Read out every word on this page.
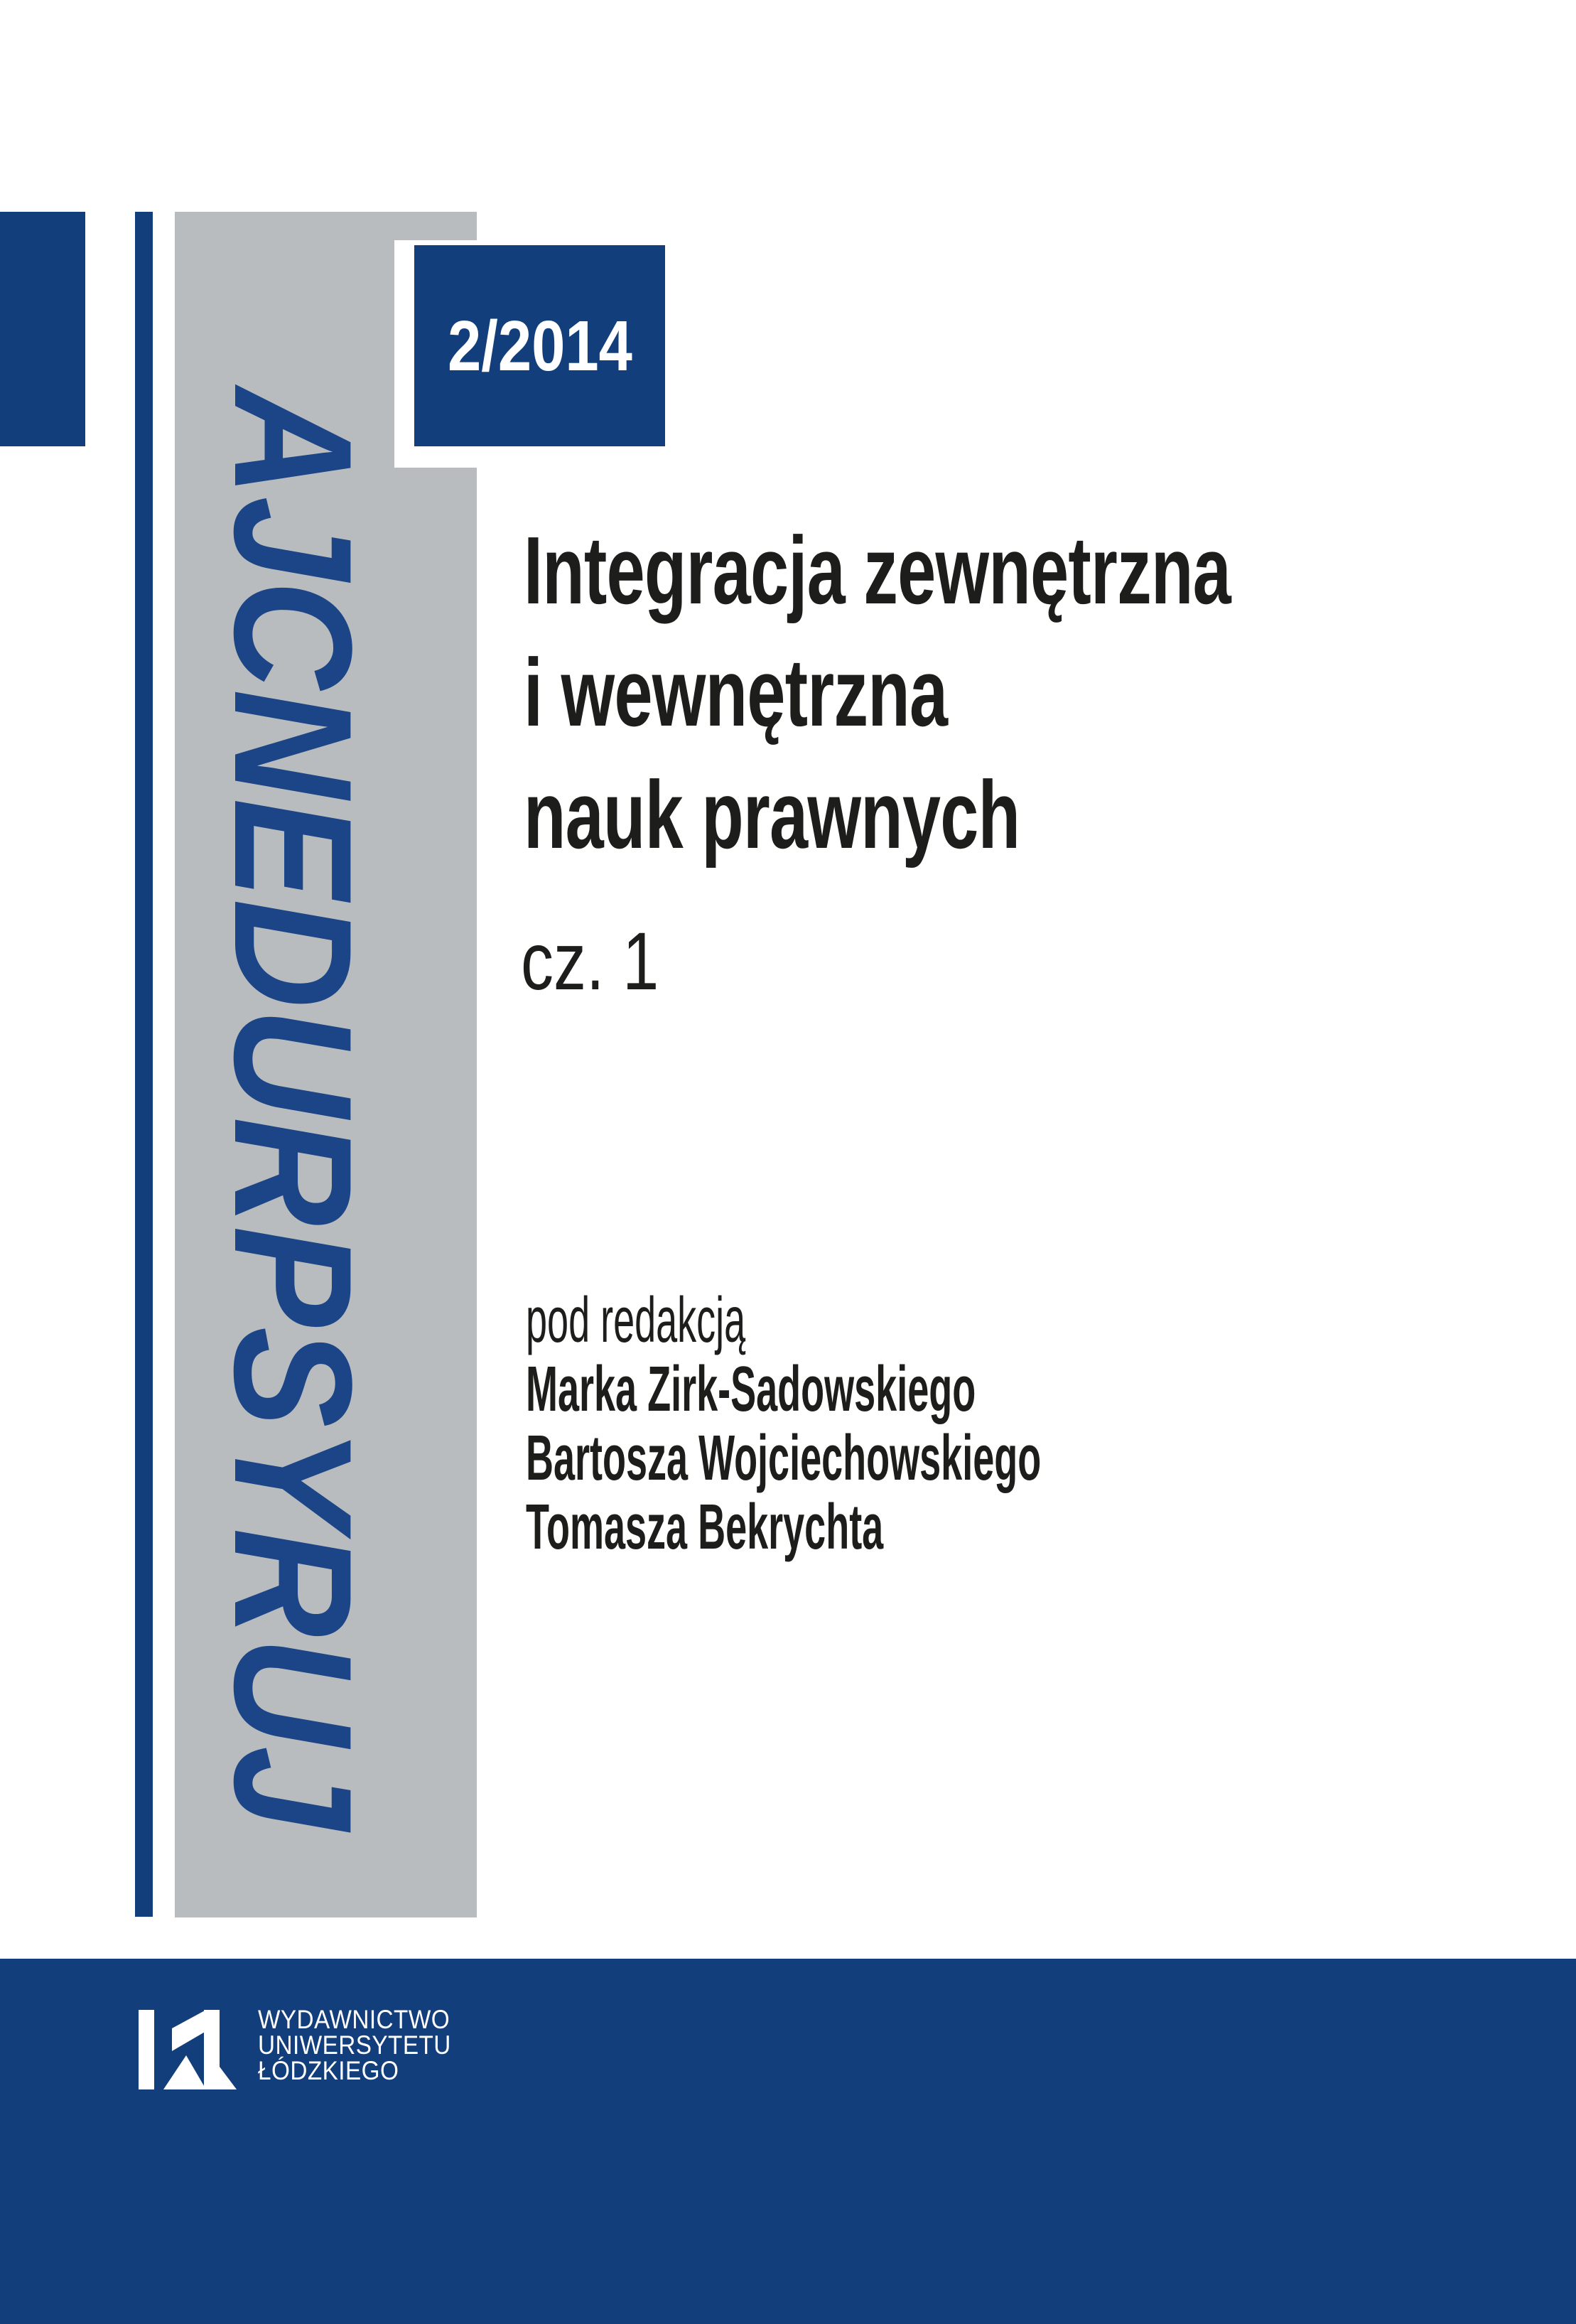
AJCNEDURPSYRUJ
2/2014
Integracja zewnętrzna
i wewnętrzna
nauk prawnych
cz. 1
pod redakcją
Marka Zirk-Sadowskiego
Bartosza Wojciechowskiego
Tomasza Bekrychta
WYDAWNICTWO
UNIWERSYTETU
ŁÓDZKIEGO
